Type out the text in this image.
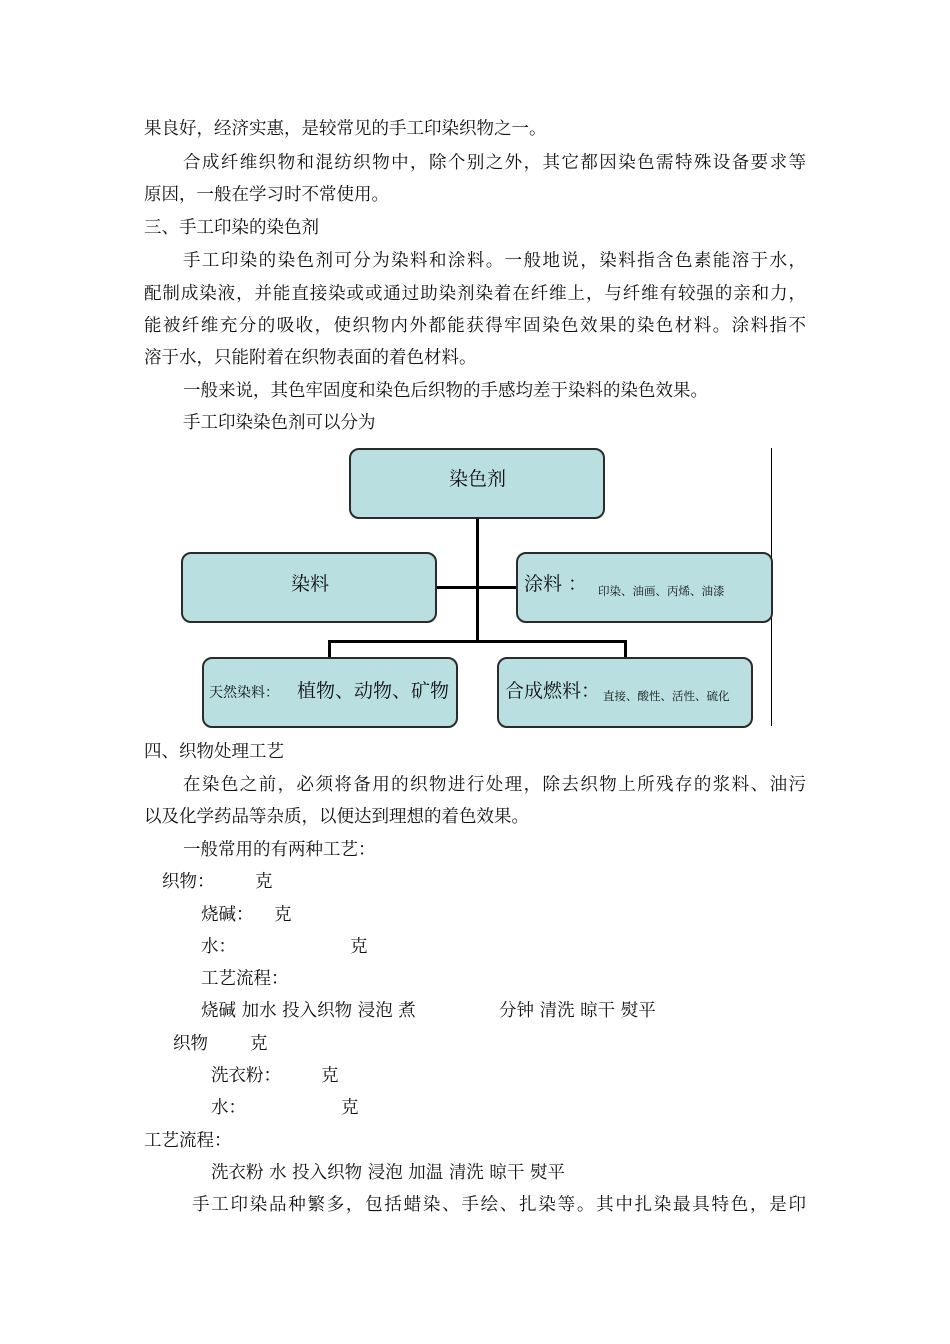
果良好，经济实惠，是较常见的手工印染织物之一。
合成纤维织物和混纺织物中，除个别之外，其它都因染色需特殊设备要求等
原因，一般在学习时不常使用。
三、手工印染的染色剂
手工印染的染色剂可分为染料和涂料。一般地说，染料指含色素能溶于水，
配制成染液，并能直接染或或通过助染剂染着在纤维上，与纤维有较强的亲和力，
能被纤维充分的吸收，使织物内外都能获得牢固染色效果的染色材料。涂料指不
溶于水，只能附着在织物表面的着色材料。
一般来说，其色牢固度和染色后织物的手感均差于染料的染色效果。
手工印染染色剂可以分为
染色剂
染料	涂料 ： 印染、油画、丙烯、油漆
天然染料： 植物、动物、矿物	合成燃料： 直接、酸性、活性、硫化
四、织物处理工艺
在染色之前，必须将备用的织物进行处理，除去织物上所残存的浆料、油污
以及化学药品等杂质，以便达到理想的着色效果。
一般常用的有两种工艺：
织物： 克
烧碱： 克
水：	克
工艺流程：
烧碱 加水 投入织物 浸泡 煮	分钟 清洗 晾干 熨平
织物 克
洗衣粉： 克
水：	克
工艺流程：
洗衣粉 水 投入织物 浸泡 加温 清洗 晾干 熨平
手工印染品种繁多，包括蜡染、手绘、扎染等。其中扎染最具特色，是印
